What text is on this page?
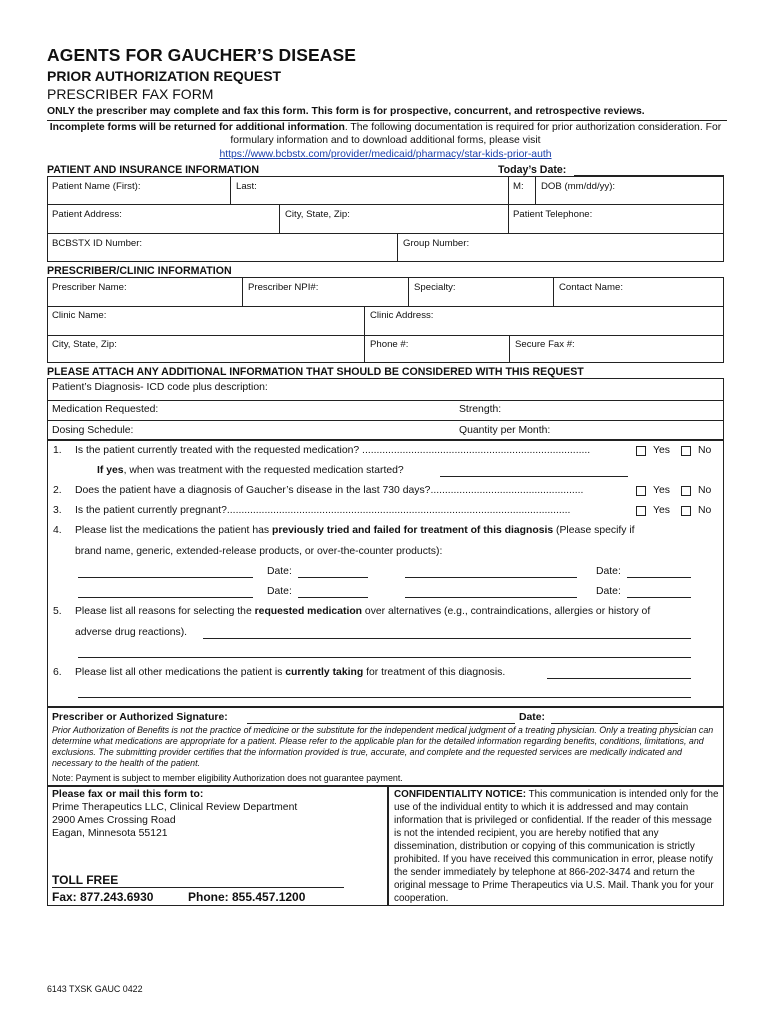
AGENTS FOR GAUCHER’S DISEASE
PRIOR AUTHORIZATION REQUEST
PRESCRIBER FAX FORM
ONLY the prescriber may complete and fax this form. This form is for prospective, concurrent, and retrospective reviews.
Incomplete forms will be returned for additional information. The following documentation is required for prior authorization consideration. For formulary information and to download additional forms, please visit
https://www.bcbstx.com/provider/medicaid/pharmacy/star-kids-prior-auth
PATIENT AND INSURANCE INFORMATION	Today’s Date:
Patient Name (First):	Last:	M: DOB (mm/dd/yy):
Patient Address:	City, State, Zip:	Patient Telephone:
BCBSTX ID Number:	Group Number:
PRESCRIBER/CLINIC INFORMATION
Prescriber Name:	Prescriber NPI#:	Specialty:	Contact Name:
Clinic Name:	Clinic Address:
City, State, Zip:	Phone #:	Secure Fax #:
PLEASE ATTACH ANY ADDITIONAL INFORMATION THAT SHOULD BE CONSIDERED WITH THIS REQUEST
Patient’s Diagnosis- ICD code plus description:
Medication Requested:	Strength:
Dosing Schedule:	Quantity per Month:
1. Is the patient currently treated with the requested medication? ...............................................................................	Yes	No
If yes, when was treatment with the requested medication started?
2. Does the patient have a diagnosis of Gaucher’s disease in the last 730 days?.....................................................	Yes	No
3. Is the patient currently pregnant?.......................................................................................................................	Yes	No
4. Please list the medications the patient has previously tried and failed for treatment of this diagnosis (Please specify if
brand name, generic, extended-release products, or over-the-counter products):
Date:	Date:
Date:	Date:
5. Please list all reasons for selecting the requested medication over alternatives (e.g., contraindications, allergies or history of
adverse drug reactions).
6. Please list all other medications the patient is currently taking for treatment of this diagnosis.
Prescriber or Authorized Signature:	Date:
Prior Authorization of Benefits is not the practice of medicine or the substitute for the independent medical judgment of a treating physician. Only a treating physician can determine what medications are appropriate for a patient. Please refer to the applicable plan for the detailed information regarding benefits, conditions, limitations, and exclusions. The submitting provider certifies that the information provided is true, accurate, and complete and the requested services are medically indicated and necessary to the health of the patient.
Note: Payment is subject to member eligibility Authorization does not guarantee payment.
Please fax or mail this form to:
Prime Therapeutics LLC, Clinical Review Department
2900 Ames Crossing Road
Eagan, Minnesota 55121
TOLL FREE
Fax: 877.243.6930	Phone: 855.457.1200
CONFIDENTIALITY NOTICE: This communication is intended only for the use of the individual entity to which it is addressed and may contain information that is privileged or confidential. If the reader of this message is not the intended recipient, you are hereby notified that any dissemination, distribution or copying of this communication is strictly prohibited. If you have received this communication in error, please notify the sender immediately by telephone at 866-202-3474 and return the original message to Prime Therapeutics via U.S. Mail. Thank you for your cooperation.
6143 TXSK GAUC 0422
